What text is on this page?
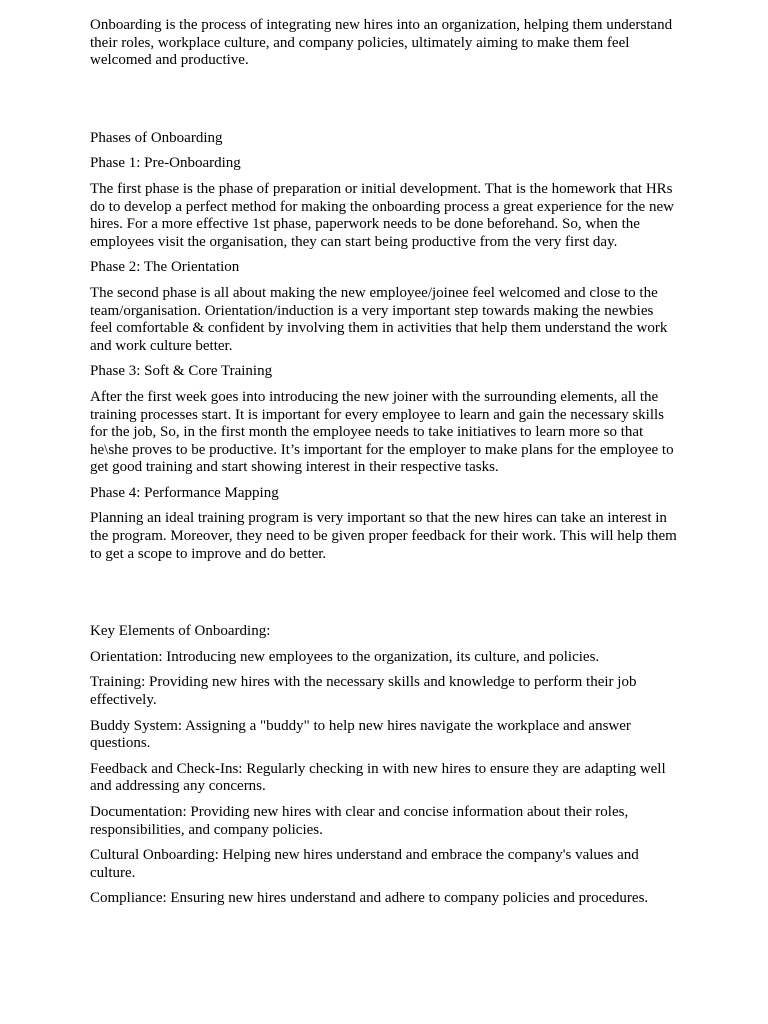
Onboarding is the process of integrating new hires into an organization, helping them understand their roles, workplace culture, and company policies, ultimately aiming to make them feel welcomed and productive.

Phases of Onboarding

Phase 1: Pre-Onboarding

The first phase is the phase of preparation or initial development. That is the homework that HRs do to develop a perfect method for making the onboarding process a great experience for the new hires. For a more effective 1st phase, paperwork needs to be done beforehand. So, when the employees visit the organisation, they can start being productive from the very first day.

Phase 2: The Orientation

The second phase is all about making the new employee/joinee feel welcomed and close to the team/organisation. Orientation/induction is a very important step towards making the newbies feel comfortable & confident by involving them in activities that help them understand the work and work culture better.

Phase 3: Soft & Core Training

After the first week goes into introducing the new joiner with the surrounding elements, all the training processes start. It is important for every employee to learn and gain the necessary skills for the job, So, in the first month the employee needs to take initiatives to learn more so that he\she proves to be productive. It’s important for the employer to make plans for the employee to get good training and start showing interest in their respective tasks.

Phase 4: Performance Mapping

Planning an ideal training program is very important so that the new hires can take an interest in the program. Moreover, they need to be given proper feedback for their work. This will help them to get a scope to improve and do better.

Key Elements of Onboarding:

Orientation: Introducing new employees to the organization, its culture, and policies.

Training: Providing new hires with the necessary skills and knowledge to perform their job effectively.

Buddy System: Assigning a "buddy" to help new hires navigate the workplace and answer questions.

Feedback and Check-Ins: Regularly checking in with new hires to ensure they are adapting well and addressing any concerns.

Documentation: Providing new hires with clear and concise information about their roles, responsibilities, and company policies.

Cultural Onboarding: Helping new hires understand and embrace the company's values and culture.

Compliance: Ensuring new hires understand and adhere to company policies and procedures.
